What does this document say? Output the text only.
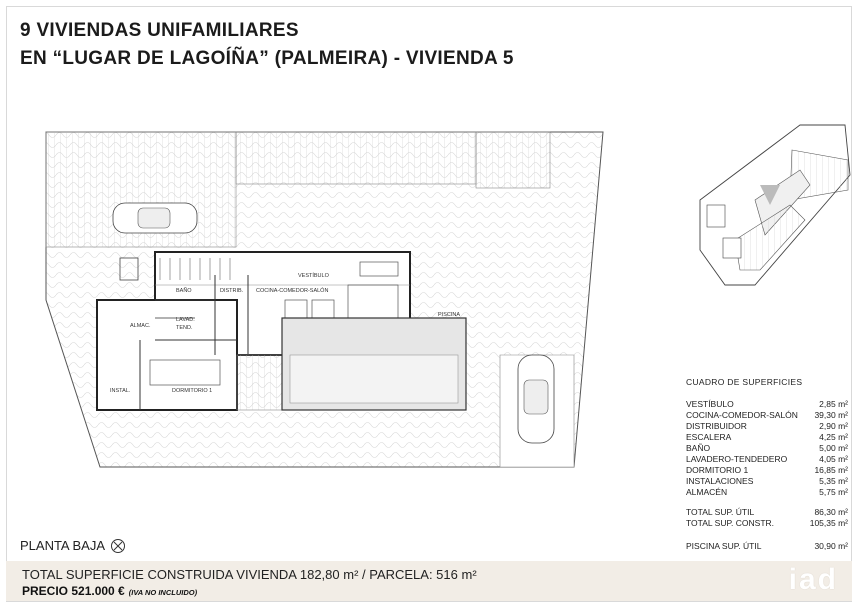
9 VIVIENDAS UNIFAMILIARES
EN “LUGAR DE LAGOÍÑA” (PALMEIRA) - VIVIENDA 5
VESTÍBULO
BAÑO	DISTRIB. COCINA-COMEDOR-SALÓN
ALMAC.
LAVAD.
TEND.
DORMITORIO 1
INSTAL.
PISCINA
CUADRO DE SUPERFICIES
VESTÍBULO	2,85 m²
COCINA-COMEDOR-SALÓN 39,30 m²
DISTRIBUIDOR	2,90 m²
ESCALERA	4,25 m²
BAÑO	5,00 m²
LAVADERO-TENDEDERO	4,05 m²
DORMITORIO 1	16,85 m²
INSTALACIONES	5,35 m²
ALMACÉN	5,75 m²
TOTAL SUP. ÚTIL	86,30 m²
TOTAL SUP. CONSTR.	105,35 m²
PISCINA SUP. ÚTIL	30,90 m²
PLANTA BAJA
TOTAL SUPERFICIE CONSTRUIDA VIVIENDA 182,80 m² / PARCELA: 516 m²
PRECIO 521.000 € (IVA NO INCLUIDO)	iad
